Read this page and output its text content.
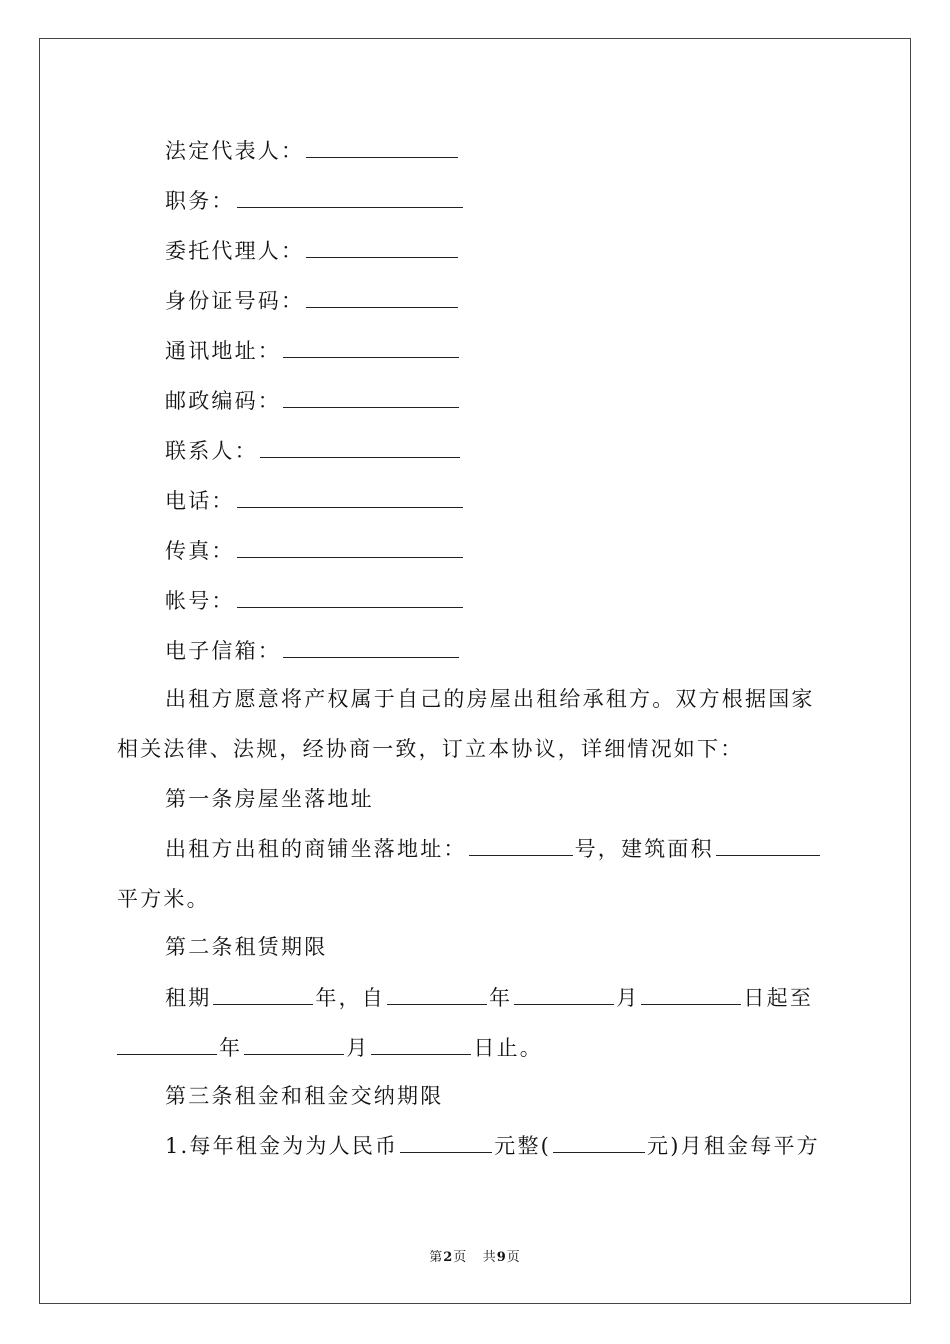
法定代表人：
职务：
委托代理人：
身份证号码：
通讯地址：
邮政编码：
联系人：
电话：
传真：
帐号：
电子信箱：
出租方愿意将产权属于自己的房屋出租给承租方。双方根据国家
相关法律、法规，经协商一致，订立本协议，详细情况如下：
第一条房屋坐落地址
出租方出租的商铺坐落地址：	号，建筑面积
平方米。
第二条租赁期限
租期	年，自	年	月	日起至
年	月	日止。
第三条租金和租金交纳期限
1.每年租金为为人民币	元整(	元)月租金每平方
第2页 共9页
